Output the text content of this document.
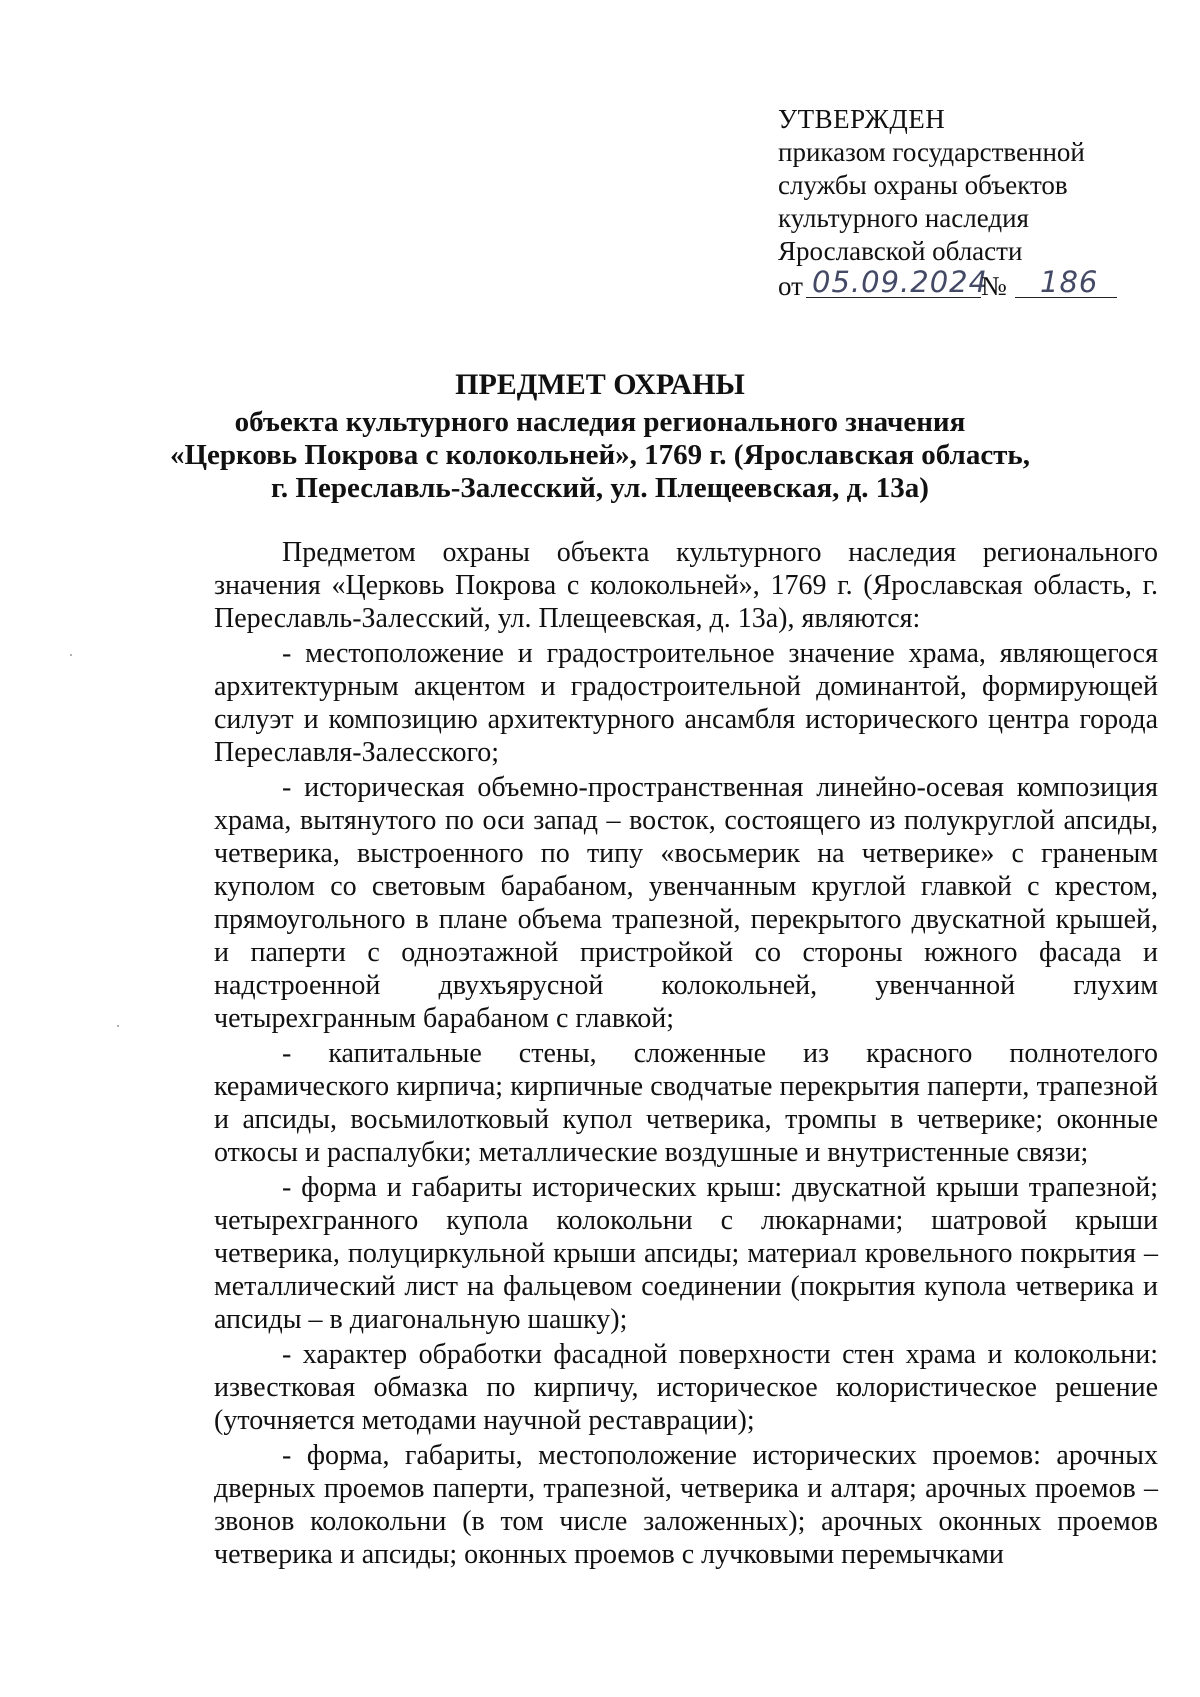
УТВЕРЖДЕН
приказом государственной
службы охраны объектов
культурного наследия
Ярославской области
от 05.09.2024
№ 186
ПРЕДМЕТ ОХРАНЫ
объекта культурного наследия регионального значения
«Церковь Покрова с колокольней», 1769 г. (Ярославская область,
г. Переславль-Залесский, ул. Плещеевская, д. 13а)
Предметом охраны объекта культурного наследия регионального
значения «Церковь Покрова с колокольней», 1769 г. (Ярославская область, г. Переславль-Залесский, ул. Плещеевская, д. 13а), являются:
- местоположение и градостроительное значение храма, являющегося
архитектурным акцентом и градостроительной доминантой, формирующей силуэт и композицию архитектурного ансамбля исторического центра города Переславля-Залесского;
- историческая объемно-пространственная линейно-осевая композиция
храма, вытянутого по оси запад – восток, состоящего из полукруглой апсиды, четверика, выстроенного по типу «восьмерик на четверике» с граненым куполом со световым барабаном, увенчанным круглой главкой с крестом, прямоугольного в плане объема трапезной, перекрытого двускатной крышей, и паперти с одноэтажной пристройкой со стороны южного фасада и надстроенной двухъярусной колокольней, увенчанной глухим четырехгранным барабаном с главкой;
- капитальные стены, сложенные из красного полнотелого
керамического кирпича; кирпичные сводчатые перекрытия паперти, трапезной и апсиды, восьмилотковый купол четверика, тромпы в четверике; оконные откосы и распалубки; металлические воздушные и внутристенные связи;
- форма и габариты исторических крыш: двускатной крыши трапезной;
четырехгранного купола колокольни с люкарнами; шатровой крыши четверика, полуциркульной крыши апсиды; материал кровельного покрытия – металлический лист на фальцевом соединении (покрытия купола четверика и апсиды – в диагональную шашку);
- характер обработки фасадной поверхности стен храма и колокольни:
известковая обмазка по кирпичу, историческое колористическое решение (уточняется методами научной реставрации);
- форма, габариты, местоположение исторических проемов: арочных
дверных проемов паперти, трапезной, четверика и алтаря; арочных проемов – звонов колокольни (в том числе заложенных); арочных оконных проемов четверика и апсиды; оконных проемов с лучковыми перемычками
